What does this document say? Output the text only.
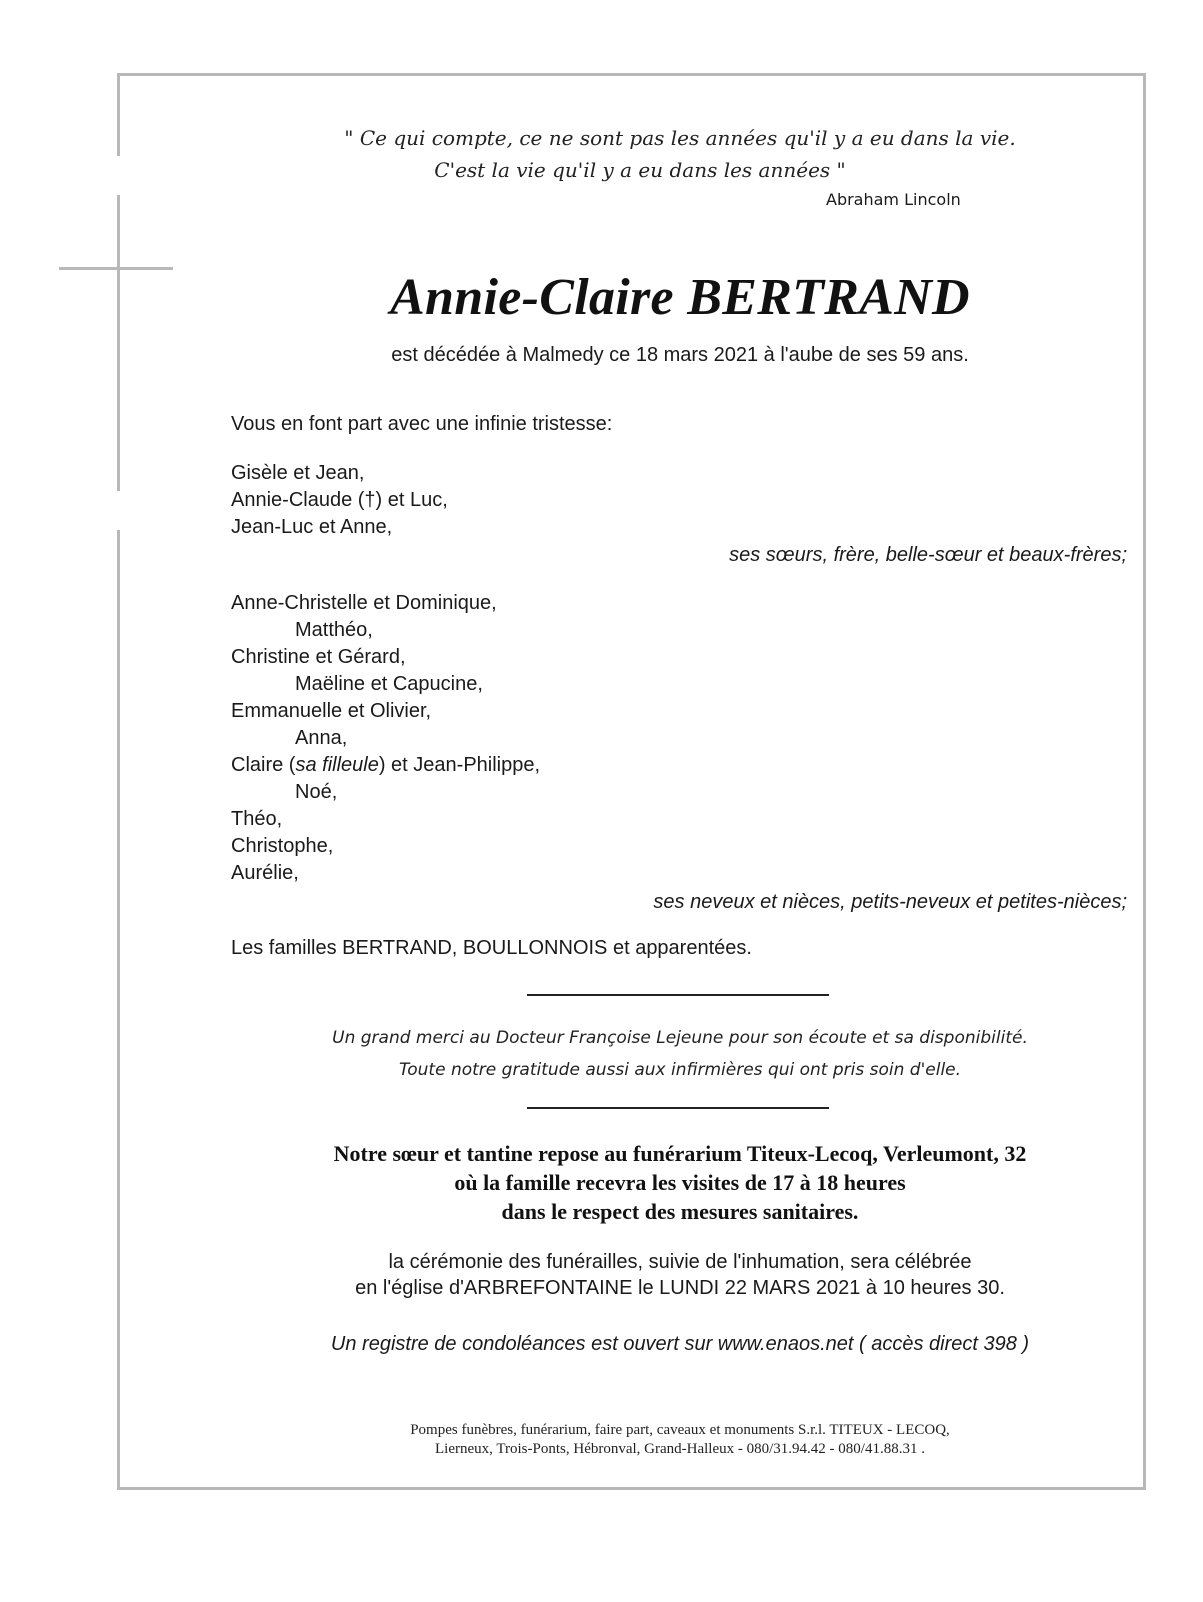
" Ce qui compte, ce ne sont pas les années qu'il y a eu dans la vie.
C'est la vie qu'il y a eu dans les années "
Abraham Lincoln
Annie-Claire BERTRAND
est décédée à Malmedy ce 18 mars 2021 à l'aube de ses 59 ans.
Vous en font part avec une infinie tristesse:
Gisèle et Jean,
Annie-Claude (†) et Luc,
Jean-Luc et Anne,
ses sœurs, frère, belle-sœur et beaux-frères;
Anne-Christelle et Dominique,
Matthéo,
Christine et Gérard,
Maëline et Capucine,
Emmanuelle et Olivier,
Anna,
Claire (sa filleule) et Jean-Philippe,
Noé,
Théo,
Christophe,
Aurélie,
ses neveux et nièces, petits-neveux et petites-nièces;
Les familles BERTRAND, BOULLONNOIS et apparentées.
Un grand merci au Docteur Françoise Lejeune pour son écoute et sa disponibilité.
Toute notre gratitude aussi aux infirmières qui ont pris soin d'elle.
Notre sœur et tantine repose au funérarium Titeux-Lecoq, Verleumont, 32
où la famille recevra les visites de 17 à 18 heures
dans le respect des mesures sanitaires.
la cérémonie des funérailles, suivie de l'inhumation, sera célébrée
en l'église d'ARBREFONTAINE le LUNDI 22 MARS 2021 à 10 heures 30.
Un registre de condoléances est ouvert sur www.enaos.net ( accès direct 398 )
Pompes funèbres, funérarium, faire part, caveaux et monuments S.r.l. TITEUX - LECOQ,
Lierneux, Trois-Ponts, Hébronval, Grand-Halleux - 080/31.94.42 - 080/41.88.31 .
